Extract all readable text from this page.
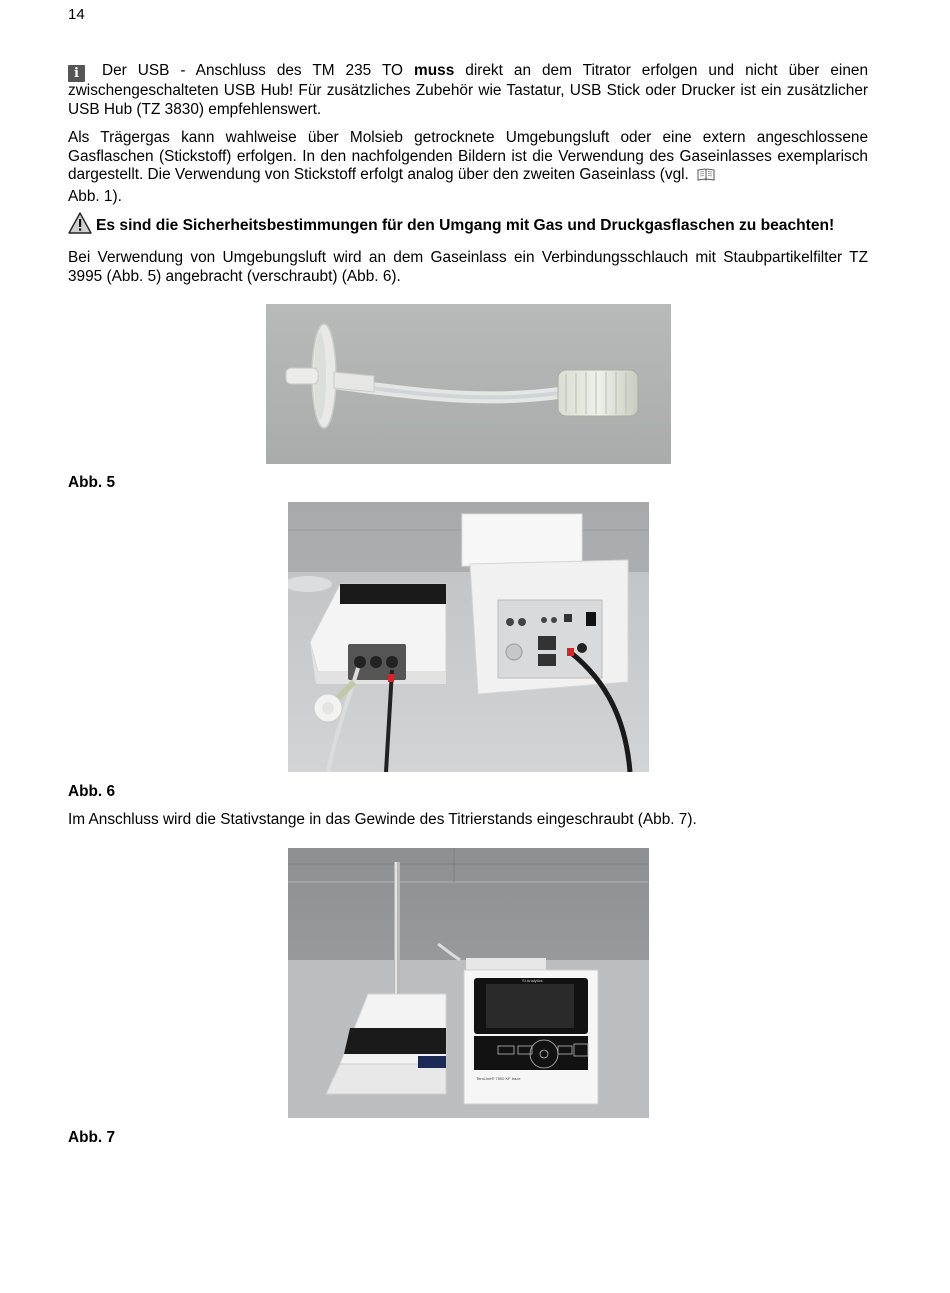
14
i Der USB - Anschluss des TM 235 TO muss direkt an dem Titrator erfolgen und nicht über einen zwischengeschalteten USB Hub! Für zusätzliches Zubehör wie Tastatur, USB Stick oder Drucker ist ein zusätzlicher USB Hub (TZ 3830) empfehlenswert.
Als Trägergas kann wahlweise über Molsieb getrocknete Umgebungsluft oder eine extern angeschlossene Gasflaschen (Stickstoff) erfolgen. In den nachfolgenden Bildern ist die Verwendung des Gaseinlasses exemplarisch dargestellt. Die Verwendung von Stickstoff erfolgt analog über den zweiten Gaseinlass (vgl.
Abb. 1).
Es sind die Sicherheitsbestimmungen für den Umgang mit Gas und Druckgasflaschen zu beachten!
Bei Verwendung von Umgebungsluft wird an dem Gaseinlass ein Verbindungsschlauch mit Staubpartikelfilter TZ 3995 (Abb. 5) angebracht (verschraubt) (Abb. 6).
Abb. 5
Abb. 6
Im Anschluss wird die Stativstange in das Gewinde des Titrierstands eingeschraubt (Abb. 7).
SI Analytics
TitroLine® 7500 KF trace
Abb. 7
